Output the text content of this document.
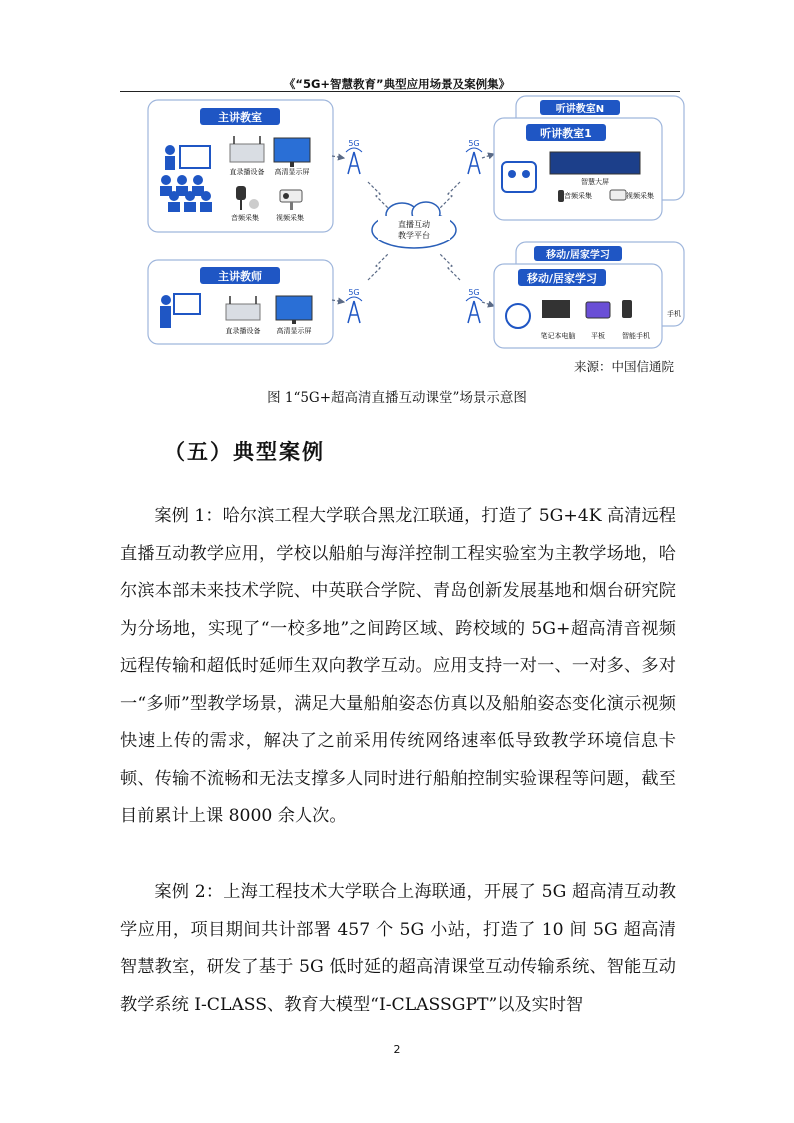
《“5G+智慧教育”典型应用场景及案例集》
主讲教室
直录播设备 高清显示屏
音频采集 视频采集
主讲教师
直录播设备 高清显示屏
直播互动
教学平台
5G	5G
5G	5G
听讲教室N
听讲教室1
智慧大屏
音频采集	视频采集
移动/居家学习
手机
移动/居家学习
笔记本电脑 平板 智能手机
来源：中国信通院
图 1“5G+超高清直播互动课堂”场景示意图
（五）典型案例

案例 1：哈尔滨工程大学联合黑龙江联通，打造了 5G+4K 高清远程直播互动教学应用，学校以船舶与海洋控制工程实验室为主教学场地，哈尔滨本部未来技术学院、中英联合学院、青岛创新发展基地和烟台研究院为分场地，实现了“一校多地”之间跨区域、跨校域的 5G+超高清音视频远程传输和超低时延师生双向教学互动。应用支持一对一、一对多、多对一“多师”型教学场景，满足大量船舶姿态仿真以及船舶姿态变化演示视频快速上传的需求，解决了之前采用传统网络速率低导致教学环境信息卡顿、传输不流畅和无法支撑多人同时进行船舶控制实验课程等问题，截至目前累计上课 8000 余人次。

案例 2：上海工程技术大学联合上海联通，开展了 5G 超高清互动教学应用，项目期间共计部署 457 个 5G 小站，打造了 10 间 5G 超高清智慧教室，研发了基于 5G 低时延的超高清课堂互动传输系统、智能互动教学系统 I-CLASS、教育大模型“I-CLASSGPT”以及实时智

2
